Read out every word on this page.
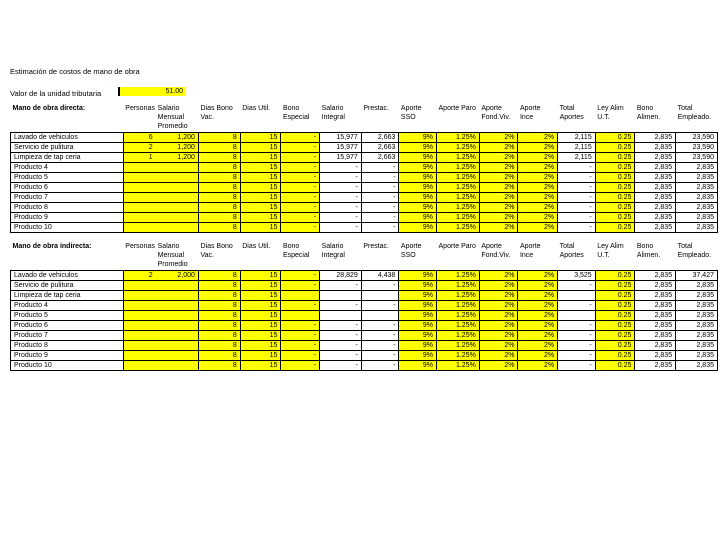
Estimación de costos de mano de obra
Valor de la unidad tributaria	51.00
Mano de obra directa:	Personas	Salario Mensual Promedio	Dias Bono Vac.	Dias Util.	Bono Especial	Salario Integral	Prestac.	Aporte SSO	Aporte Paro	Aporte Fond.Viv.	Aporte Ince	Total Aportes	Ley Alim U.T.	Bono Alimen.	Total Empleado.
Lavado de vehiculos	6	1,200	8	15	-	15,977	2,663	9%	1.25%	2%	2%	2,115	0.25	2,835	23,590
Servicio de pulitura	2	1,200	8	15	-	15,977	2,663	9%	1.25%	2%	2%	2,115	0.25	2,835	23,590
Limpieza de tap ceria	1	1,200	8	15	-	15,977	2,663	9%	1.25%	2%	2%	2,115	0.25	2,835	23,590
Producto 4			8	15	-	-	-	9%	1.25%	2%	2%	-	0.25	2,835	2,835
Producto 5			8	15	-	-	-	9%	1.25%	2%	2%	-	0.25	2,835	2,835
Producto 6			8	15	-	-	-	9%	1.25%	2%	2%	-	0.25	2,835	2,835
Producto 7			8	15	-	-	-	9%	1.25%	2%	2%	-	0.25	2,835	2,835
Producto 8			8	15	-	-	-	9%	1.25%	2%	2%	-	0.25	2,835	2,835
Producto 9			8	15	-	-	-	9%	1.25%	2%	2%	-	0.25	2,835	2,835
Producto 10			8	15	-	-	-	9%	1.25%	2%	2%	-	0.25	2,835	2,835
Mano de obra indirecta:	Personas	Salario Mensual Promedio	Dias Bono Vac.	Dias Util.	Bono Especial	Salario Integral	Prestac.	Aporte SSO	Aporte Paro	Aporte Fond.Viv.	Aporte Ince	Total Aportes	Ley Alim U.T.	Bono Alimen.	Total Empleado.
Lavado de vehiculos	2	2,000	8	15	-	28,829	4,438	9%	1.25%	2%	2%	3,525	0.25	2,835	37,427
Servicio de pulitura			8	15	-	-	-	9%	1.25%	2%	2%	-	0.25	2,835	2,835
Limpieza de tap ceria			8	15				9%	1.25%	2%	2%		0.25	2,835	2,835
Producto 4			8	15	-	-	-	9%	1.25%	2%	2%	-	0.25	2,835	2,835
Producto 5			8	15				9%	1.25%	2%	2%		0.25	2,835	2,835
Producto 6			8	15	-	-	-	9%	1.25%	2%	2%	-	0.25	2,835	2,835
Producto 7			8	15	-	-	-	9%	1.25%	2%	2%	-	0.25	2,835	2,835
Producto 8			8	15	-	-	-	9%	1.25%	2%	2%	-	0.25	2,835	2,835
Producto 9			8	15	-	-	-	9%	1.25%	2%	2%	-	0.25	2,835	2,835
Producto 10			8	15	-	-	-	9%	1.25%	2%	2%	-	0.25	2,835	2,835
